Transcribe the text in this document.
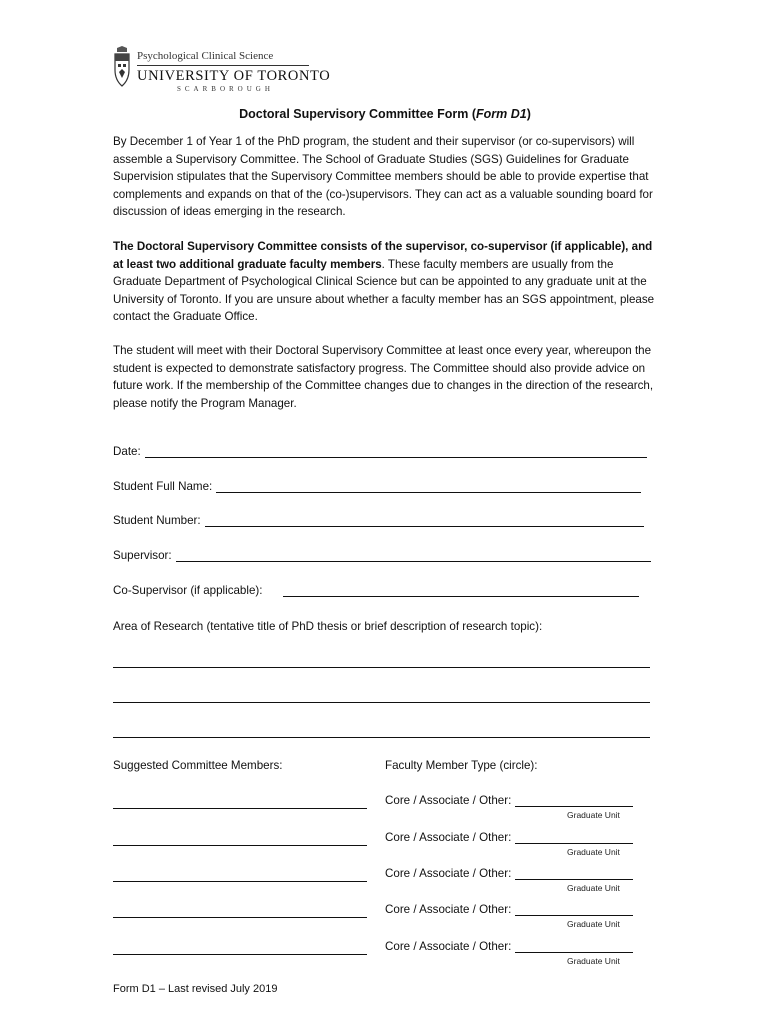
Psychological Clinical Science
UNIVERSITY OF TORONTO
SCARBOROUGH
Doctoral Supervisory Committee Form (Form D1)

By December 1 of Year 1 of the PhD program, the student and their supervisor (or co-supervisors) will assemble a Supervisory Committee. The School of Graduate Studies (SGS) Guidelines for Graduate Supervision stipulates that the Supervisory Committee members should be able to provide expertise that complements and expands on that of the (co-)supervisors. They can act as a valuable sounding board for discussion of ideas emerging in the research.

The Doctoral Supervisory Committee consists of the supervisor, co-supervisor (if applicable), and at least two additional graduate faculty members. These faculty members are usually from the Graduate Department of Psychological Clinical Science but can be appointed to any graduate unit at the University of Toronto. If you are unsure about whether a faculty member has an SGS appointment, please contact the Graduate Office.

The student will meet with their Doctoral Supervisory Committee at least once every year, whereupon the student is expected to demonstrate satisfactory progress. The Committee should also provide advice on future work. If the membership of the Committee changes due to changes in the direction of the research, please notify the Program Manager.

Date:
Student Full Name:
Student Number:
Supervisor:
Co-Supervisor (if applicable):
Area of Research (tentative title of PhD thesis or brief description of research topic):
Suggested Committee Members:	Faculty Member Type (circle):
Core / Associate / Other:
Graduate Unit
Core / Associate / Other:
Graduate Unit
Core / Associate / Other:
Graduate Unit
Core / Associate / Other:
Graduate Unit
Core / Associate / Other:
Graduate Unit
Form D1 – Last revised July 2019
